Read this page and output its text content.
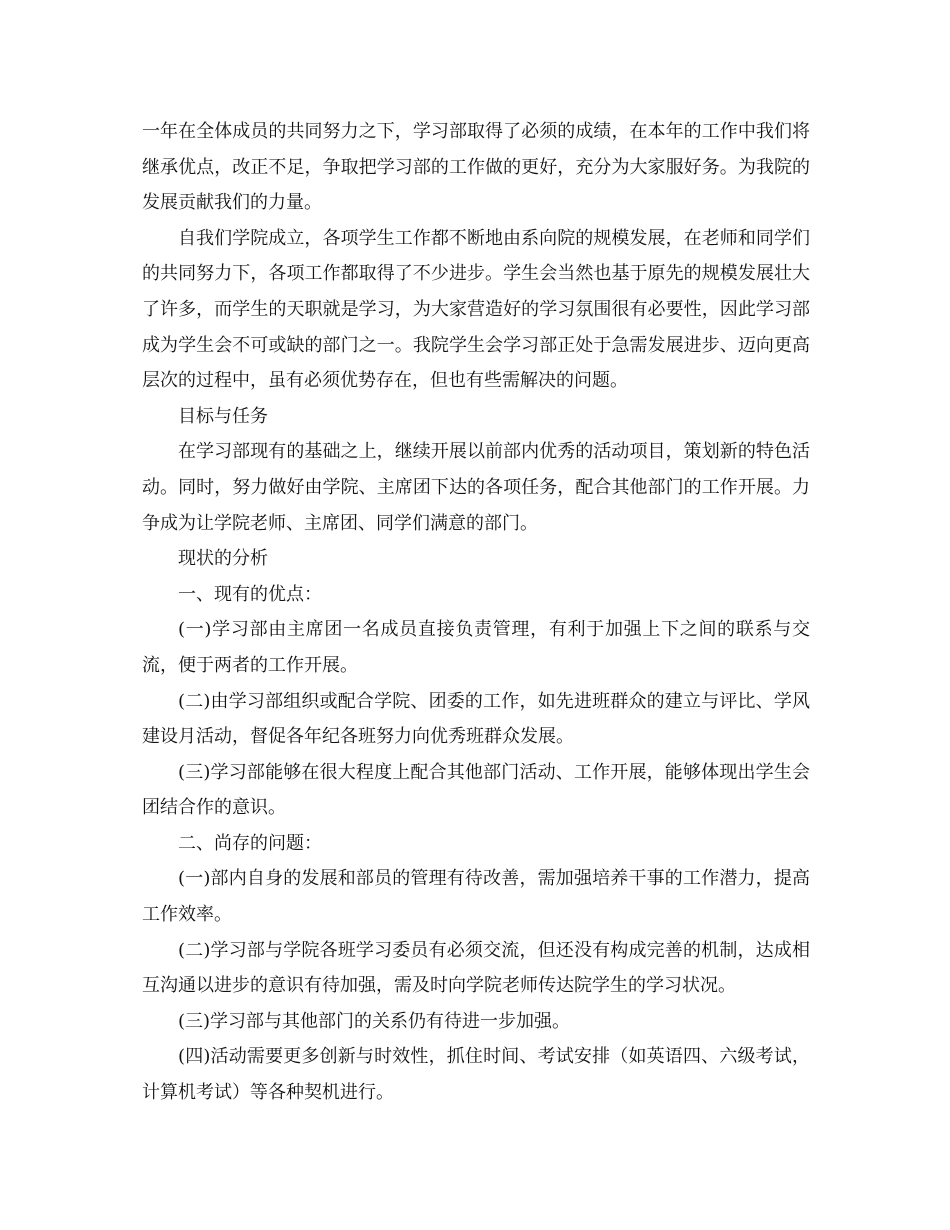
一年在全体成员的共同努力之下，学习部取得了必须的成绩，在本年的工作中我们将继承优点，改正不足，争取把学习部的工作做的更好，充分为大家服好务。为我院的发展贡献我们的力量。

自我们学院成立，各项学生工作都不断地由系向院的规模发展，在老师和同学们的共同努力下，各项工作都取得了不少进步。学生会当然也基于原先的规模发展壮大了许多，而学生的天职就是学习，为大家营造好的学习氛围很有必要性，因此学习部成为学生会不可或缺的部门之一。我院学生会学习部正处于急需发展进步、迈向更高层次的过程中，虽有必须优势存在，但也有些需解决的问题。

目标与任务

在学习部现有的基础之上，继续开展以前部内优秀的活动项目，策划新的特色活动。同时，努力做好由学院、主席团下达的各项任务，配合其他部门的工作开展。力争成为让学院老师、主席团、同学们满意的部门。

现状的分析

一、现有的优点：

(一)学习部由主席团一名成员直接负责管理，有利于加强上下之间的联系与交流，便于两者的工作开展。

(二)由学习部组织或配合学院、团委的工作，如先进班群众的建立与评比、学风建设月活动，督促各年纪各班努力向优秀班群众发展。

(三)学习部能够在很大程度上配合其他部门活动、工作开展，能够体现出学生会团结合作的意识。

二、尚存的问题：

(一)部内自身的发展和部员的管理有待改善，需加强培养干事的工作潜力，提高工作效率。

(二)学习部与学院各班学习委员有必须交流，但还没有构成完善的机制，达成相互沟通以进步的意识有待加强，需及时向学院老师传达院学生的学习状况。

(三)学习部与其他部门的关系仍有待进一步加强。

(四)活动需要更多创新与时效性，抓住时间、考试安排（如英语四、六级考试，计算机考试）等各种契机进行。
